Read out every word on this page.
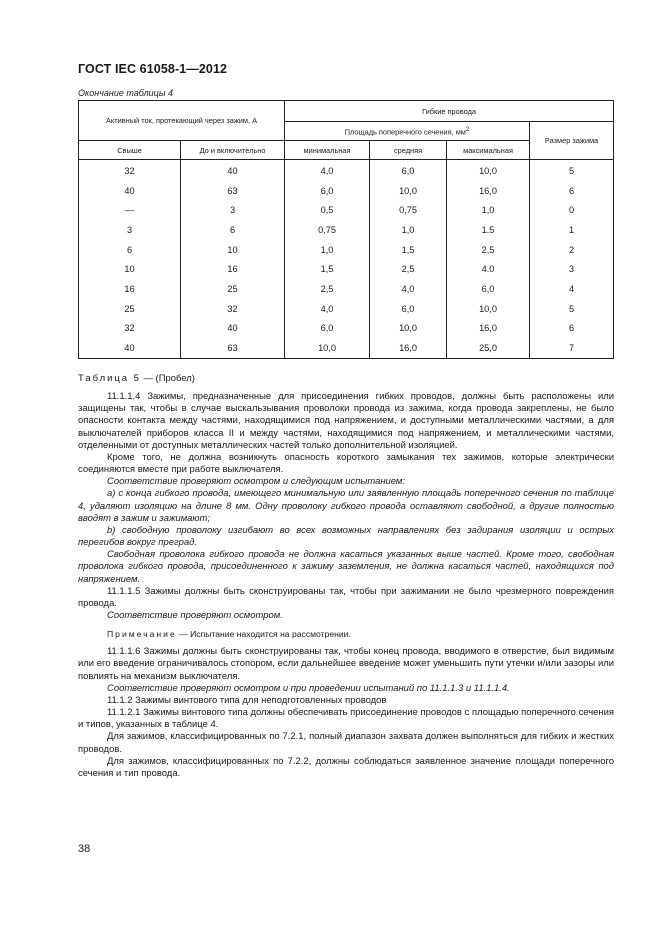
ГОСТ IEC 61058-1—2012
Окончание таблицы 4
Активный ток, протекающий через зажим, А		Гибкие провода			
		Площадь поперечного сечения, $мм^2$			Размер зажима
Свыше	До и включительно	минимальная	средняя	максимальная	
32	40	4,0	6,0	10,0	5
40	63	6,0	10,0	16,0	6
—	3	0,5	0,75	1,0	0
3	6	0,75	1,0	1.5	1
6	10	1,0	1,5	2,5	2
10	16	1,5	2,5	4.0	3
16	25	2,5	4,0	6,0	4
25	32	4,0	6,0	10,0	5
32	40	6,0	10,0	16,0	6
40	63	10,0	16,0	25,0	7

Таблица 5 — (Пробел)

11.1.1.4 Зажимы, предназначенные для присоединения гибких проводов, должны быть расположены или защищены так, чтобы в случае выскальзывания проволоки провода из зажима, когда провода закреплены, не было опасности контакта между частями, находящимися под напряжением, и доступными металлическими частями, а для выключателей приборов класса II и между частями, находящимися под напряжением, и металлическими частями, отделенными от доступных металлических частей только дополнительной изоляцией.

Кроме того, не должна возникнуть опасность короткого замыкания тех зажимов, которые электрически соединяются вместе при работе выключателя.

Соответствие проверяют осмотром и следующим испытанием:

а) с конца гибкого провода, имеющего минимальную или заявленную площадь поперечного сечения по таблице 4, удаляют изоляцию на длине 8 мм. Одну проволоку гибкого провода оставляют свободной, а другие полностью вводят в зажим и зажимают;

b) свободную проволоку изгибают во всех возможных направлениях без задирания изоляции и острых перегибов вокруг преград.

Свободная проволока гибкого провода не должна касаться указанных выше частей. Кроме того, свободная проволока гибкого провода, присоединенного к зажиму заземления, не должна касаться частей, находящихся под напряжением.

11.1.1.5 Зажимы должны быть сконструированы так, чтобы при зажимании не было чрезмерного повреждения провода.

Соответствие проверяют осмотром.

Примечание — Испытание находится на рассмотрении.

11.1.1.6 Зажимы должны быть сконструированы так, чтобы конец провода, вводимого в отверстие, был видимым или его введение ограничивалось стопором, если дальнейшее введение может уменьшить пути утечки и/или зазоры или повлиять на механизм выключателя.

Соответствие проверяют осмотром и при проведении испытаний по 11.1.1.3 и 11.1.1.4.

11.1.2 Зажимы винтового типа для неподготовленных проводов

11.1.2.1 Зажимы винтового типа должны обеспечивать присоединение проводов с площадью поперечного сечения и типов, указанных в таблице 4.

Для зажимов, классифицированных по 7.2.1, полный диапазон захвата должен выполняться для гибких и жестких проводов.

Для зажимов, классифицированных по 7.2.2, должны соблюдаться заявленное значение площади поперечного сечения и тип провода.

38
